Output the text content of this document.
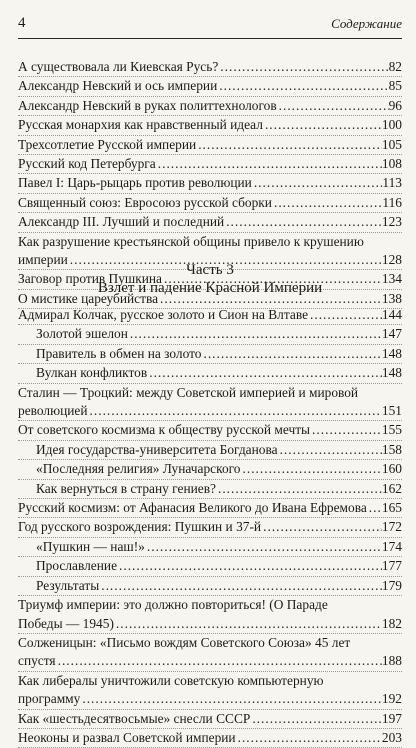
4	Содержание
А существовала ли Киевская Русь? .....	82
Александр Невский и ось империи .....	85
Александр Невский в руках политтехнологов .....	96
Русская монархия как нравственный идеал .....	100
Трехсотлетие Русской империи .....	105
Русский код Петербурга .....	108
Павел I: Царь-рыцарь против революции .....	113
Священный союз: Евросоюз русской сборки .....	116
Александр III. Лучший и последний .....	123
Как разрушение крестьянской общины привело к крушению
империи .....	128
Заговор против Пушкина .....	134
О мистике цареубийства .....	138
Часть 3
Взлет и падение Красной Империи
Адмирал Колчак, русское золото и Сион на Влтаве .....	144
Золотой эшелон .....	147
Правитель в обмен на золото .....	148
Вулкан конфликтов .....	148
Сталин — Троцкий: между Советской империей и мировой
революцией .....	151
От советского космизма к обществу русской мечты .....	155
Идея государства-университета Богданова .....	158
«Последняя религия» Луначарского .....	160
Как вернуться в страну гениев? .....	162
Русский космизм: от Афанасия Великого до Ивана Ефремова ..... 165
Год русского возрождения: Пушкин и 37-й .....	172
«Пушкин — наш!» .....	174
Прославление .....	177
Результаты .....	179
Триумф империи: это должно повториться! (О Параде
Победы — 1945) .....	182
Солженицын: «Письмо вождям Советского Союза» 45 лет
спустя .....	188
Как либералы уничтожили советскую компьютерную
программу .....	192
Как «шестьдесятвосьмые» снесли СССР .....	197
Неоконы и развал Советской империи .....	203
